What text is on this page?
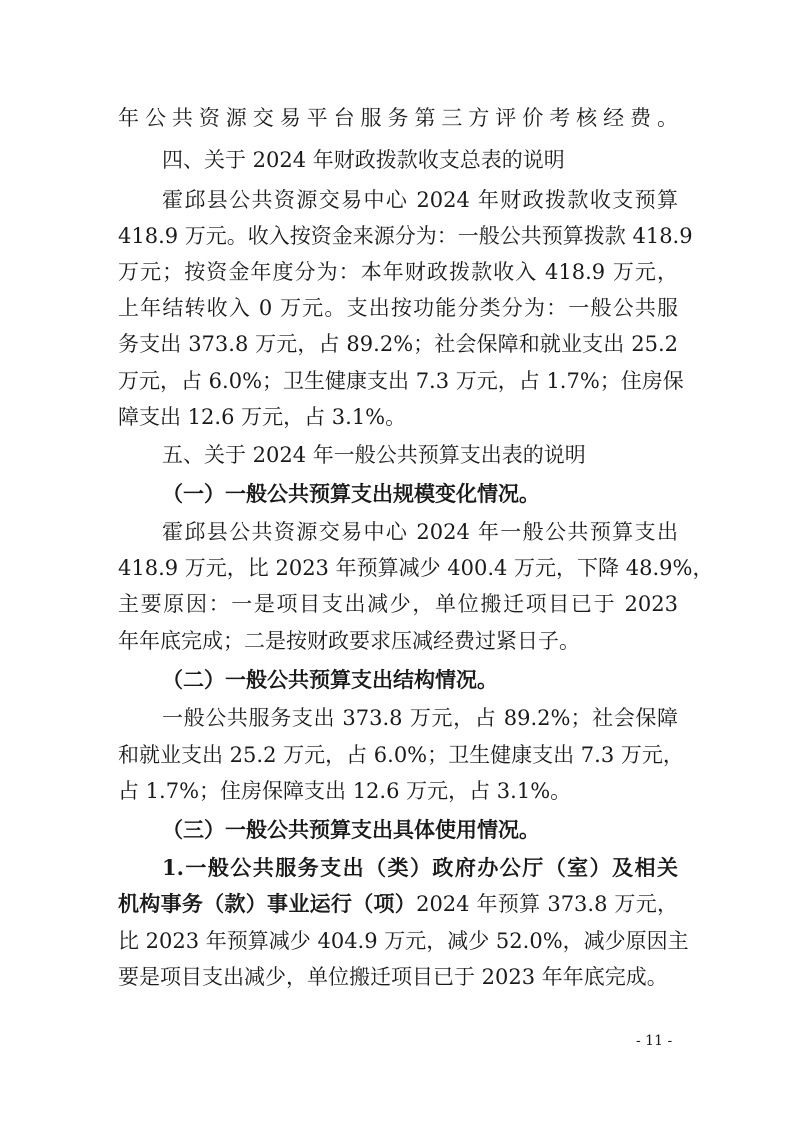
年公共资源交易平台服务第三方评价考核经费。
四、关于 2024 年财政拨款收支总表的说明
霍邱县公共资源交易中心 2024 年财政拨款收支预算
418.9 万元。收入按资金来源分为：一般公共预算拨款 418.9
万元；按资金年度分为：本年财政拨款收入 418.9 万元，
上年结转收入 0 万元。支出按功能分类分为：一般公共服
务支出 373.8 万元，占 89.2%；社会保障和就业支出 25.2
万元，占 6.0%；卫生健康支出 7.3 万元，占 1.7%；住房保
障支出 12.6 万元，占 3.1%。
五、关于 2024 年一般公共预算支出表的说明
（一）一般公共预算支出规模变化情况。
霍邱县公共资源交易中心 2024 年一般公共预算支出
418.9 万元，比 2023 年预算减少 400.4 万元，下降 48.9%，
主要原因：一是项目支出减少，单位搬迁项目已于 2023
年年底完成；二是按财政要求压减经费过紧日子。
（二）一般公共预算支出结构情况。
一般公共服务支出 373.8 万元，占 89.2%；社会保障
和就业支出 25.2 万元，占 6.0%；卫生健康支出 7.3 万元，
占 1.7%；住房保障支出 12.6 万元，占 3.1%。
（三）一般公共预算支出具体使用情况。
1.一般公共服务支出（类）政府办公厅（室）及相关
机构事务（款）事业运行（项）2024 年预算 373.8 万元，
比 2023 年预算减少 404.9 万元，减少 52.0%，减少原因主
要是项目支出减少，单位搬迁项目已于 2023 年年底完成。
- 11 -
